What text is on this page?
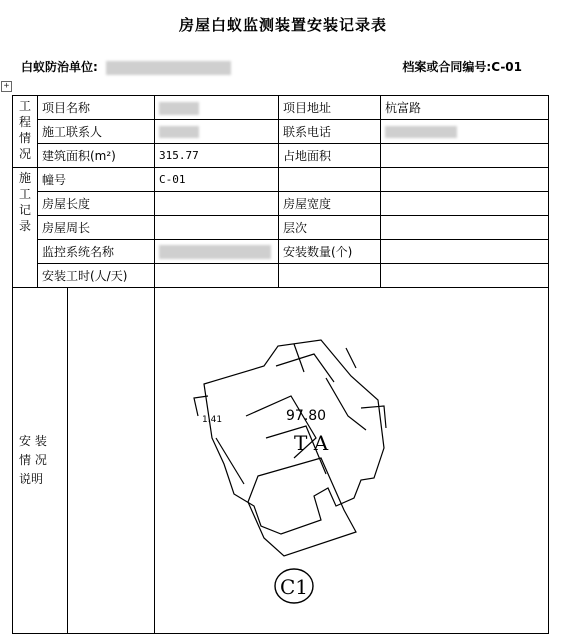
房屋白蚁监测装置安装记录表
白蚁防治单位:	档案或合同编号:C-01
+
工
程
情
况	项目名称		项目地址	杭富路
	施工联系人		联系电话	
	建筑面积(m²)	315.77	占地面积	

施
工
记
录	幢号	C-01		
	房屋长度		房屋宽度	
	房屋周长		层次	
	监控系统名称		安装数量(个)	
	安装工时(人/天)			

安 装
情 况
说明		1.41 97.80
T A
C1		
